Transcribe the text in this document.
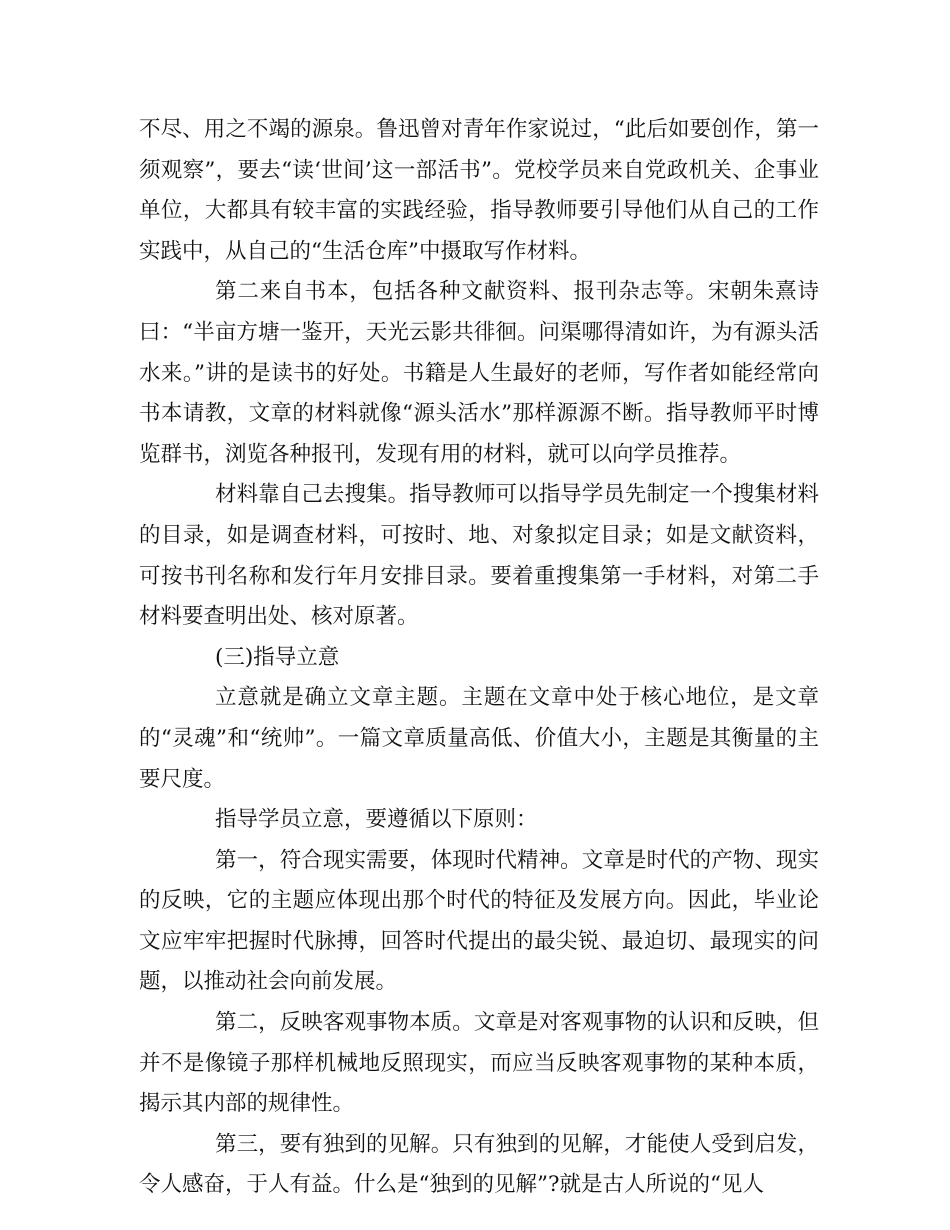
不尽、用之不竭的源泉。鲁迅曾对青年作家说过，“此后如要创作，第一须观察”，要去“读‘世间’这一部活书”。党校学员来自党政机关、企事业单位，大都具有较丰富的实践经验，指导教师要引导他们从自己的工作实践中，从自己的“生活仓库”中摄取写作材料。

第二来自书本，包括各种文献资料、报刊杂志等。宋朝朱熹诗曰：“半亩方塘一鉴开，天光云影共徘徊。问渠哪得清如许，为有源头活水来。”讲的是读书的好处。书籍是人生最好的老师，写作者如能经常向书本请教，文章的材料就像“源头活水”那样源源不断。指导教师平时博览群书，浏览各种报刊，发现有用的材料，就可以向学员推荐。

材料靠自己去搜集。指导教师可以指导学员先制定一个搜集材料的目录，如是调查材料，可按时、地、对象拟定目录；如是文献资料，可按书刊名称和发行年月安排目录。要着重搜集第一手材料，对第二手材料要查明出处、核对原著。

(三)指导立意

立意就是确立文章主题。主题在文章中处于核心地位，是文章的“灵魂”和“统帅”。一篇文章质量高低、价值大小，主题是其衡量的主要尺度。

指导学员立意，要遵循以下原则：

第一，符合现实需要，体现时代精神。文章是时代的产物、现实的反映，它的主题应体现出那个时代的特征及发展方向。因此，毕业论文应牢牢把握时代脉搏，回答时代提出的最尖锐、最迫切、最现实的问题，以推动社会向前发展。

第二，反映客观事物本质。文章是对客观事物的认识和反映，但并不是像镜子那样机械地反照现实，而应当反映客观事物的某种本质，揭示其内部的规律性。

第三，要有独到的见解。只有独到的见解，才能使人受到启发，令人感奋，于人有益。什么是“独到的见解”?就是古人所说的“见人
